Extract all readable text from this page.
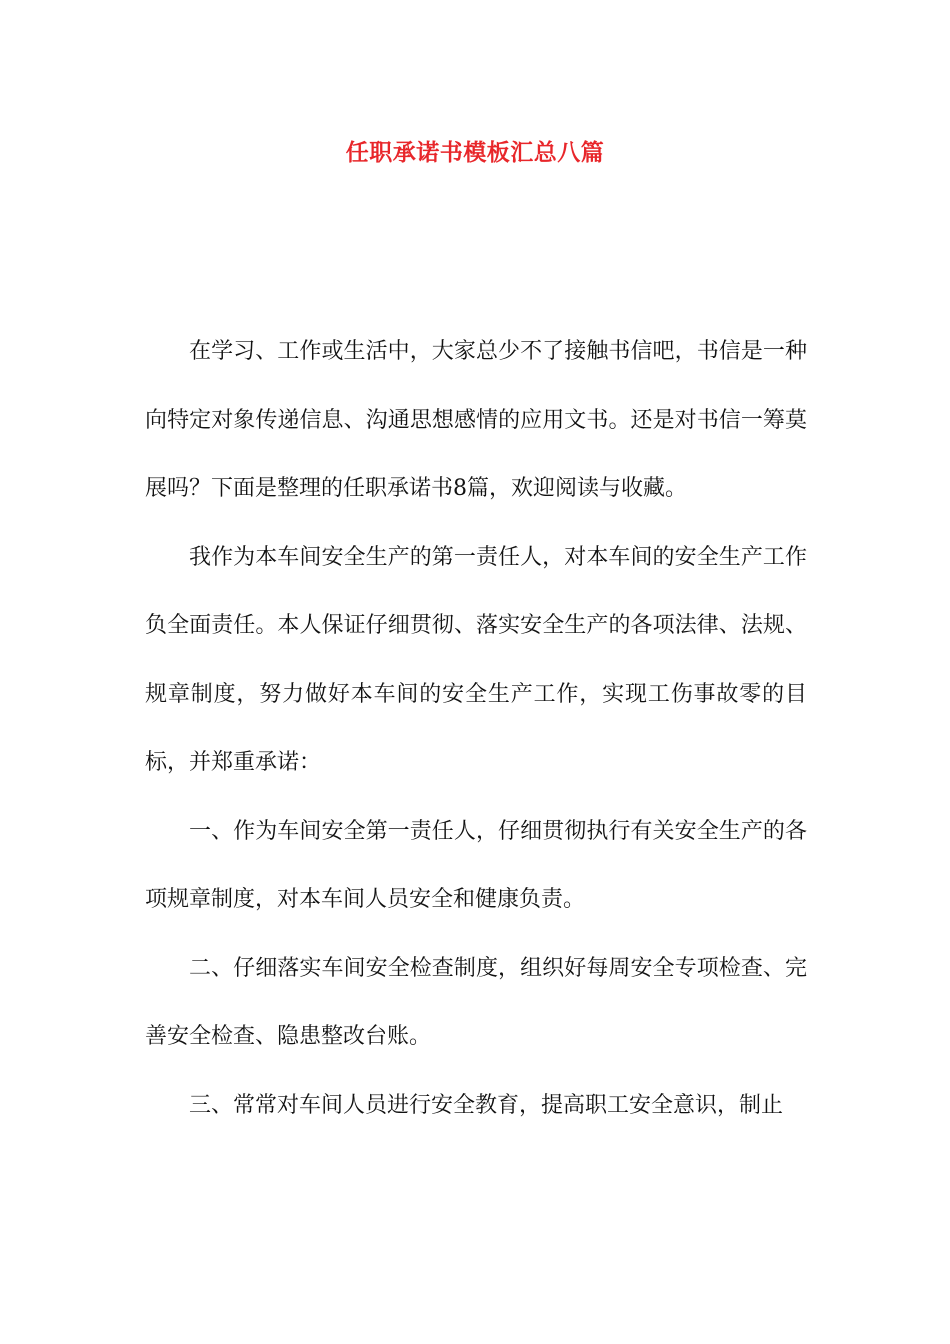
任职承诺书模板汇总八篇

在学习、工作或生活中，大家总少不了接触书信吧，书信是一种向特定对象传递信息、沟通思想感情的应用文书。还是对书信一筹莫展吗？下面是整理的任职承诺书8篇，欢迎阅读与收藏。

我作为本车间安全生产的第一责任人，对本车间的安全生产工作负全面责任。本人保证仔细贯彻、落实安全生产的各项法律、法规、规章制度，努力做好本车间的安全生产工作，实现工伤事故零的目标，并郑重承诺：

一、作为车间安全第一责任人，仔细贯彻执行有关安全生产的各项规章制度，对本车间人员安全和健康负责。

二、仔细落实车间安全检查制度，组织好每周安全专项检查、完善安全检查、隐患整改台账。

三、常常对车间人员进行安全教育，提高职工安全意识，制止
